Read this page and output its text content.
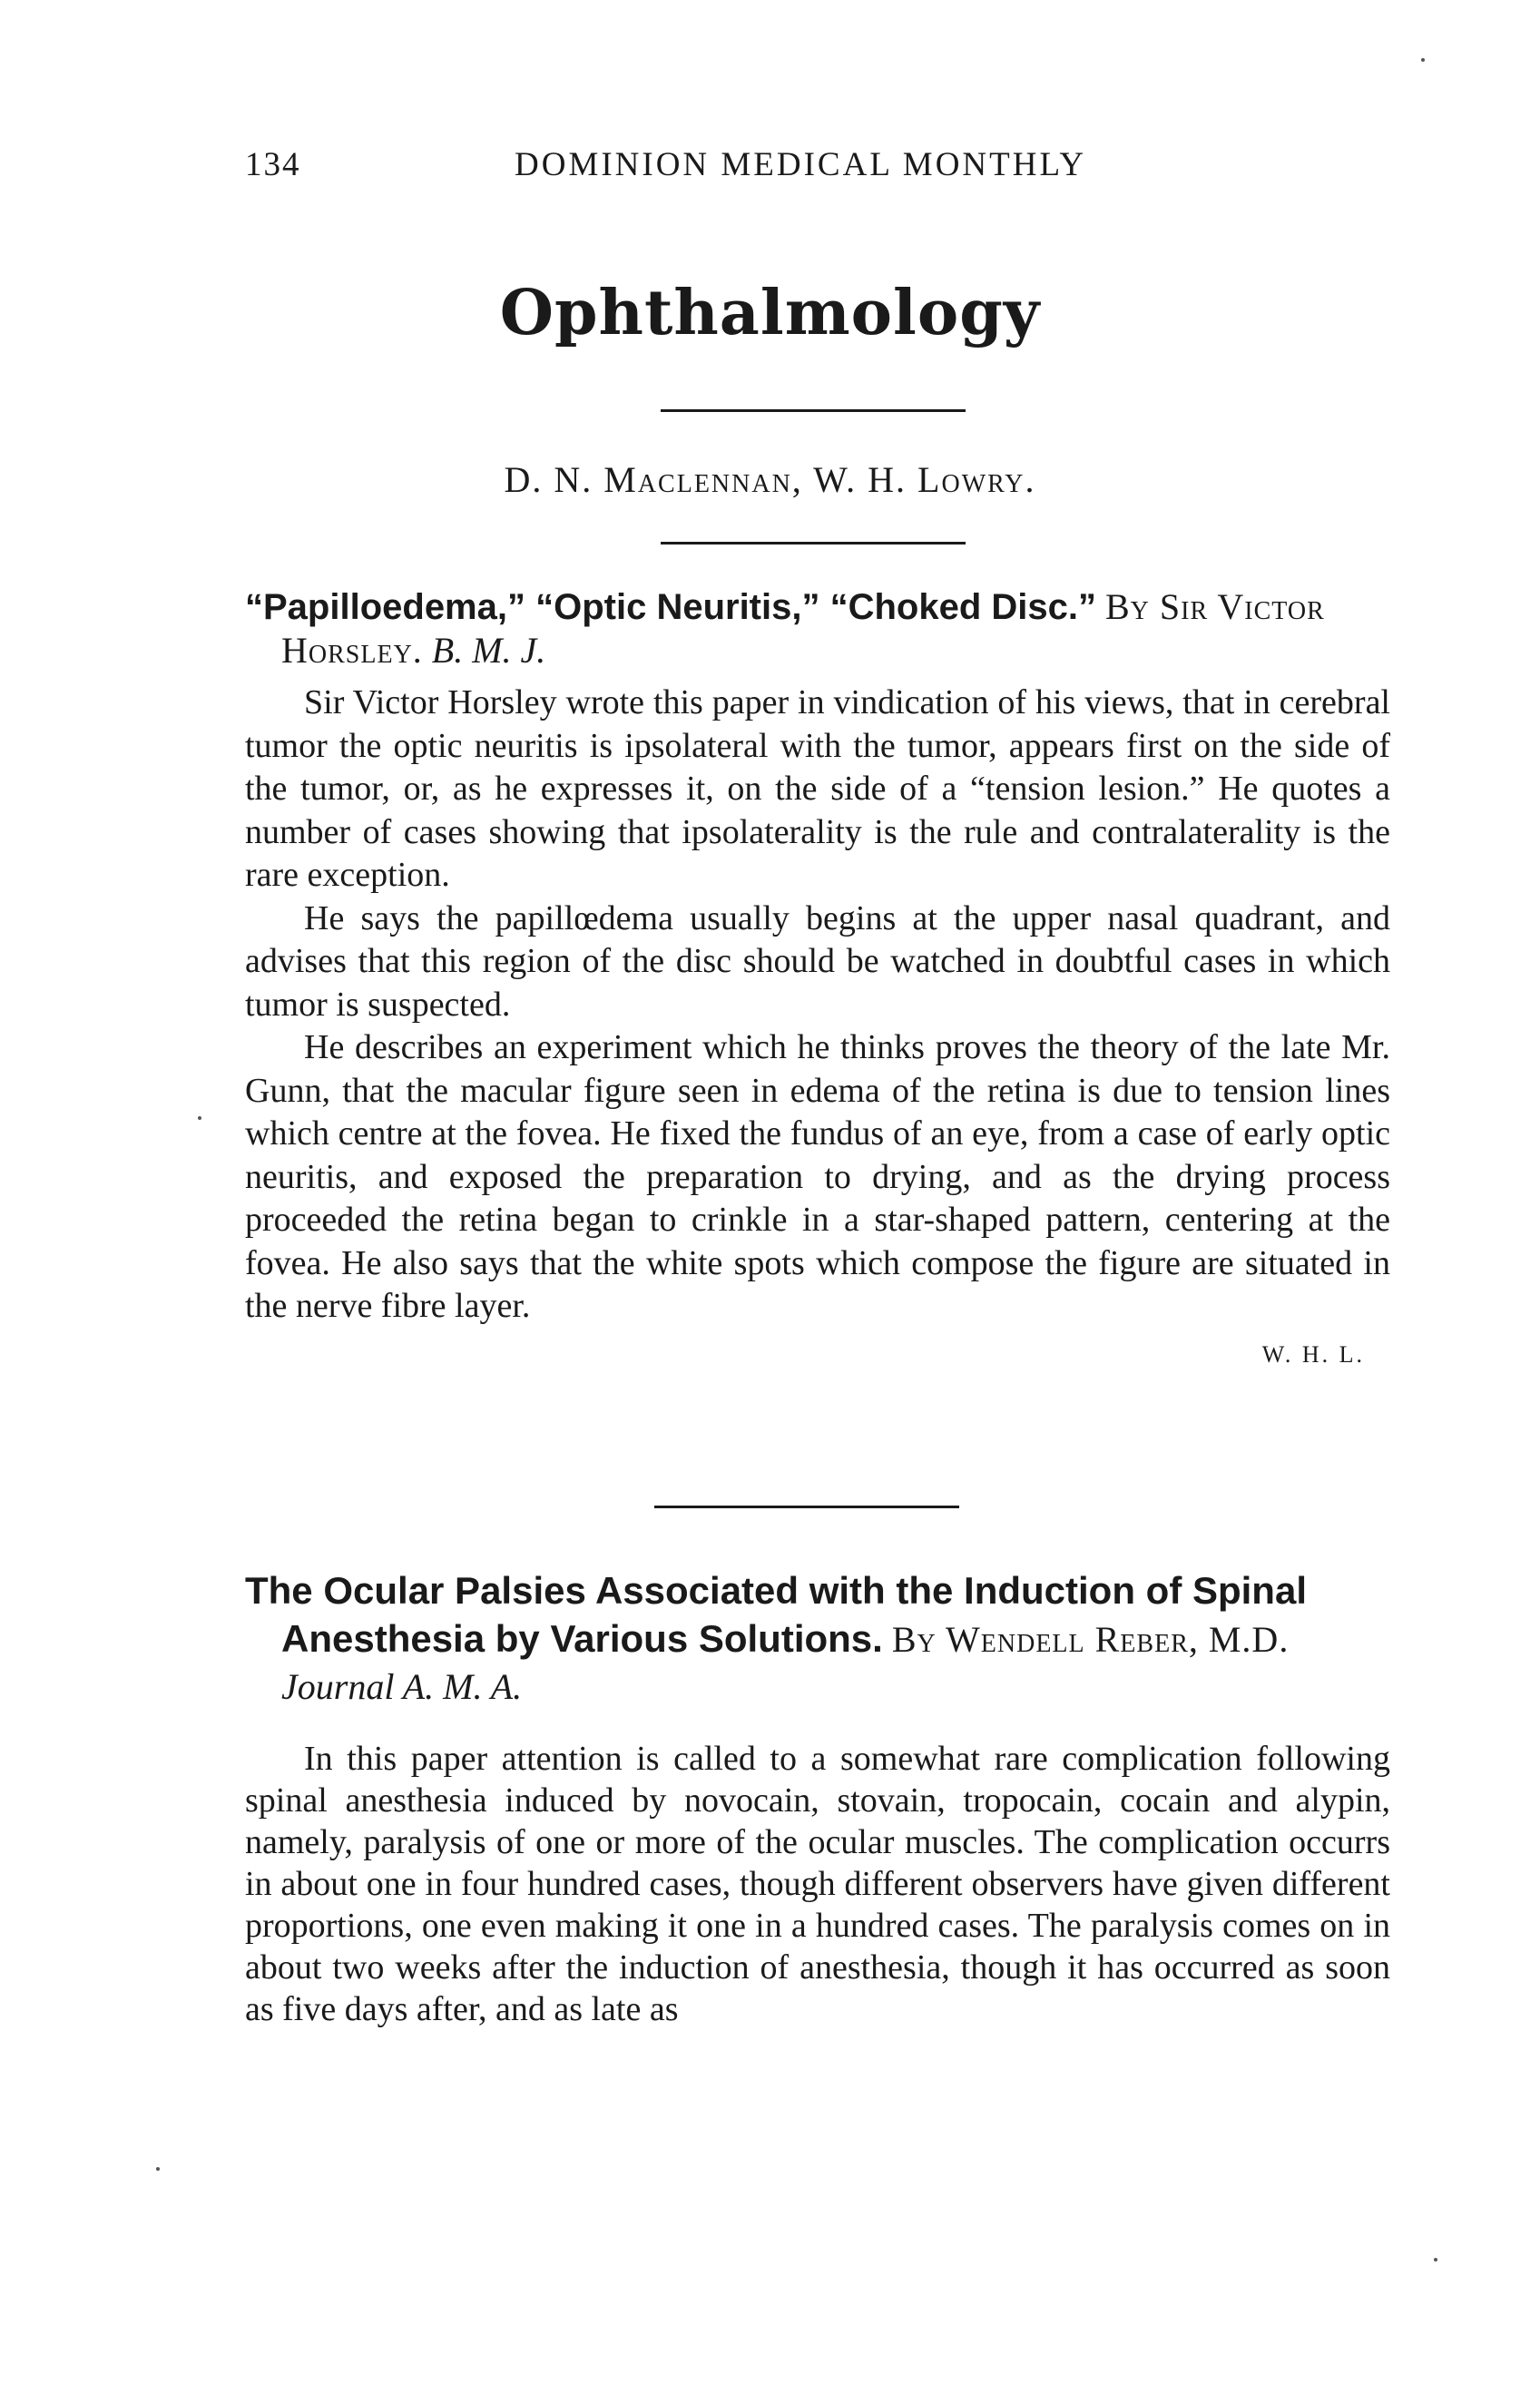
134	DOMINION MEDICAL MONTHLY
Ophthalmology
D. N. Maclennan, W. H. Lowry.

“Papilloedema,” “Optic Neuritis,” “Choked Disc.” By Sir Victor Horsley. B. M. J.

Sir Victor Horsley wrote this paper in vindication of his views, that in cerebral tumor the optic neuritis is ipsolateral with the tumor, appears first on the side of the tumor, or, as he expresses it, on the side of a “tension lesion.” He quotes a number of cases showing that ipsolaterality is the rule and contralaterality is the rare exception.

He says the papillœdema usually begins at the upper nasal quadrant, and advises that this region of the disc should be watched in doubtful cases in which tumor is suspected.

He describes an experiment which he thinks proves the theory of the late Mr. Gunn, that the macular figure seen in edema of the retina is due to tension lines which centre at the fovea. He fixed the fundus of an eye, from a case of early optic neuritis, and exposed the preparation to drying, and as the drying process proceeded the retina began to crinkle in a star-shaped pattern, centering at the fovea. He also says that the white spots which compose the figure are situated in the nerve fibre layer.

W. H. L.

The Ocular Palsies Associated with the Induction of Spinal Anesthesia by Various Solutions. By Wendell Reber, M.D. Journal A. M. A.

In this paper attention is called to a somewhat rare complication following spinal anesthesia induced by novocain, stovain, tropocain, cocain and alypin, namely, paralysis of one or more of the ocular muscles. The complication occurrs in about one in four hundred cases, though different observers have given different proportions, one even making it one in a hundred cases. The paralysis comes on in about two weeks after the induction of anesthesia, though it has occurred as soon as five days after, and as late as
